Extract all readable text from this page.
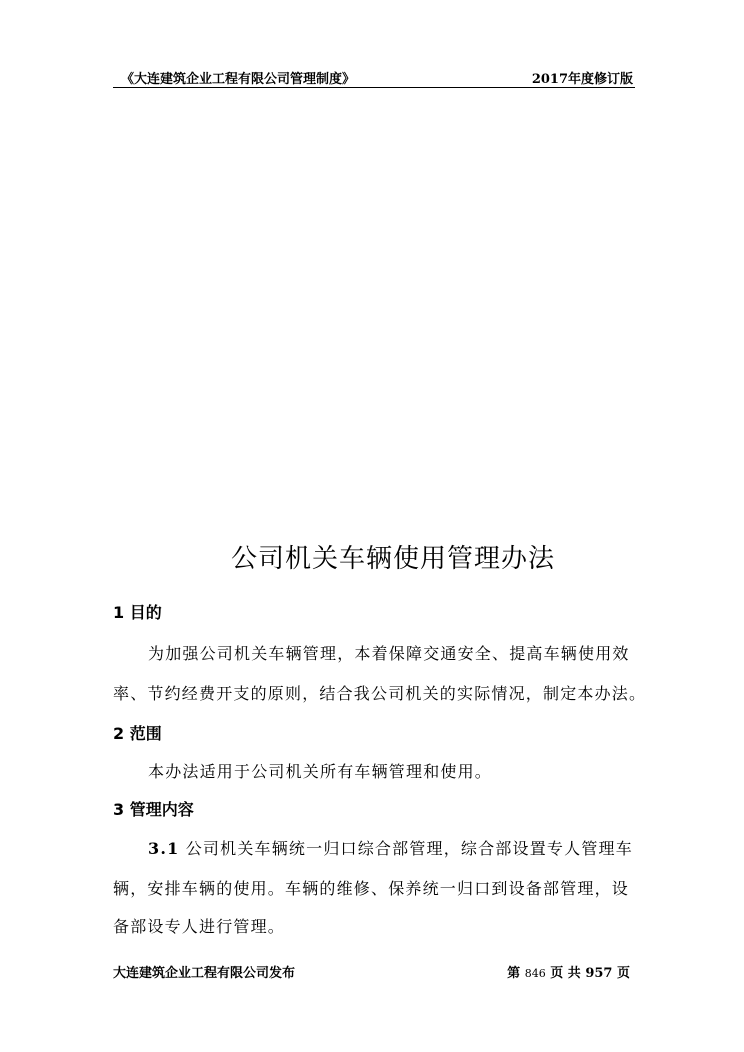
《大连建筑企业工程有限公司管理制度》	2017年度修订版
公司机关车辆使用管理办法
1 目的
为加强公司机关车辆管理，本着保障交通安全、提高车辆使用效
率、节约经费开支的原则，结合我公司机关的实际情况，制定本办法。
2 范围
本办法适用于公司机关所有车辆管理和使用。
3 管理内容
3.1 公司机关车辆统一归口综合部管理，综合部设置专人管理车
辆，安排车辆的使用。车辆的维修、保养统一归口到设备部管理，设
备部设专人进行管理。
大连建筑企业工程有限公司发布	第 846 页 共 957 页
